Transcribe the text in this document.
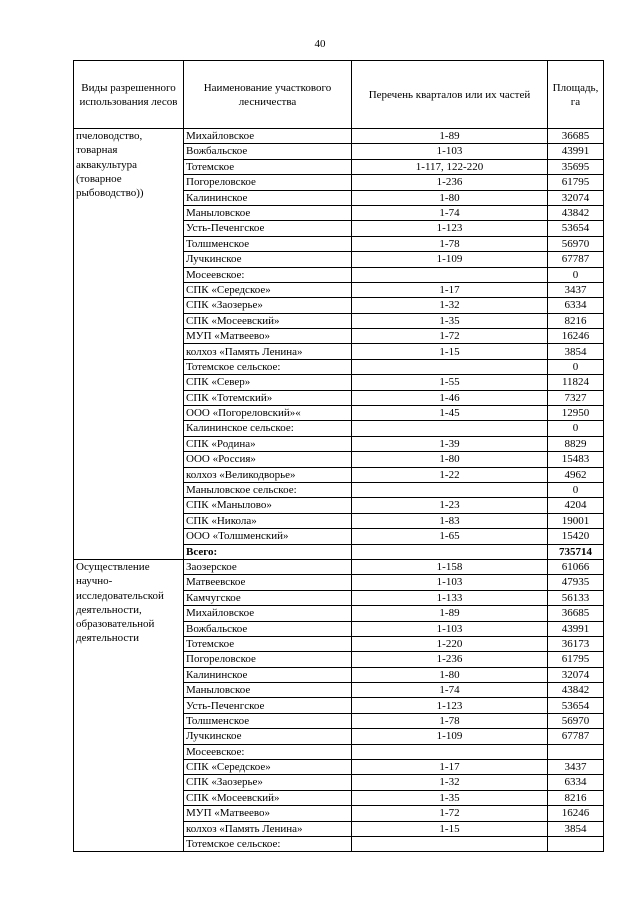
40
Виды разрешенного использования лесов	Наименование участкового лесничества	Перечень кварталов или их частей	Площадь, га
пчеловодство, товарная аквакультура (товарное рыбоводство))	Михайловское	1-89	36685
	Вожбальское	1-103	43991
	Тотемское	1-117, 122-220	35695
	Погореловское	1-236	61795
	Калининское	1-80	32074
	Маныловское	1-74	43842
	Усть-Печенгское	1-123	53654
	Толшменское	1-78	56970
	Лучкинское	1-109	67787
	Мосеевское:		0
	СПК «Середское»	1-17	3437
	СПК «Заозерье»	1-32	6334
	СПК «Мосеевский»	1-35	8216
	МУП «Матвеево»	1-72	16246
	колхоз «Память Ленина»	1-15	3854
	Тотемское сельское:		0
	СПК «Север»	1-55	11824
	СПК «Тотемский»	1-46	7327
	ООО «Погореловский»«	1-45	12950
	Калининское сельское:		0
	СПК «Родина»	1-39	8829
	ООО «Россия»	1-80	15483
	колхоз «Великодворье»	1-22	4962
	Маныловское сельское:		0
	СПК «Манылово»	1-23	4204
	СПК «Никола»	1-83	19001
	ООО «Толшменский»	1-65	15420
	Всего:		735714
Осуществление научно-исследовательской деятельности, образовательной деятельности	Заозерское	1-158	61066
	Матвеевское	1-103	47935
	Камчугское	1-133	56133
	Михайловское	1-89	36685
	Вожбальское	1-103	43991
	Тотемское	1-220	36173
	Погореловское	1-236	61795
	Калининское	1-80	32074
	Маныловское	1-74	43842
	Усть-Печенгское	1-123	53654
	Толшменское	1-78	56970
	Лучкинское	1-109	67787
	Мосеевское:		
	СПК «Середское»	1-17	3437
	СПК «Заозерье»	1-32	6334
	СПК «Мосеевский»	1-35	8216
	МУП «Матвеево»	1-72	16246
	колхоз «Память Ленина»	1-15	3854
	Тотемское сельское:		
